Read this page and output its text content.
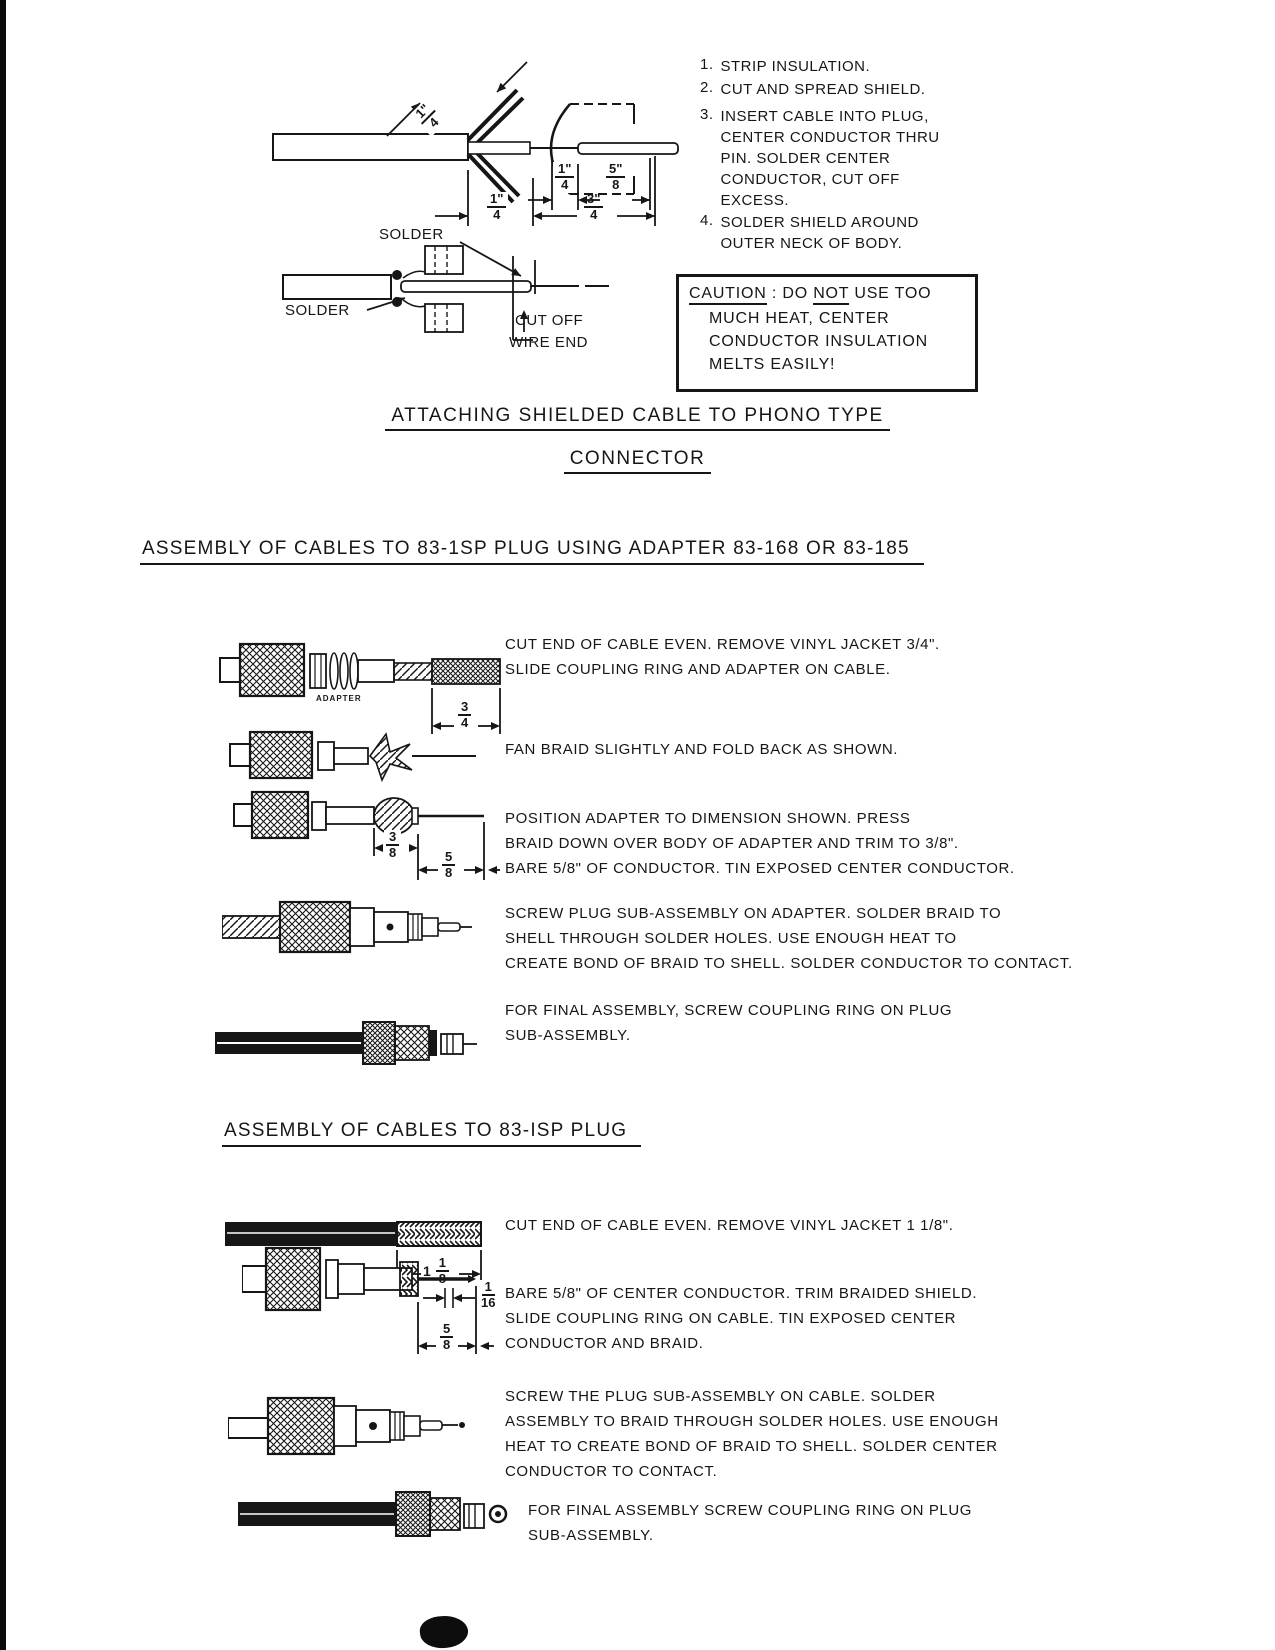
1"
4
$\frac{1"}{4}$	$\frac{3"}{4}$
$\frac{1"}{4} \frac{5"}{8}$
1. STRIP INSULATION.
2. CUT AND SPREAD SHIELD.
3. INSERT CABLE INTO PLUG,
CENTER CONDUCTOR THRU
PIN. SOLDER CENTER
CONDUCTOR, CUT OFF
EXCESS.
4. SOLDER SHIELD AROUND
OUTER NECK OF BODY.
SOLDER
SOLDER
CUT OFF
WIRE END
CAUTION : DO NOT USE TOO
MUCH HEAT, CENTER
CONDUCTOR INSULATION
MELTS EASILY!
ATTACHING SHIELDED CABLE TO PHONO TYPE
CONNECTOR
ASSEMBLY OF CABLES TO 83-1SP PLUG USING ADAPTER 83-168 OR 83-185
ADAPTER
$\frac{3}{4}$
CUT END OF CABLE EVEN. REMOVE VINYL JACKET 3/4".
SLIDE COUPLING RING AND ADAPTER ON CABLE.
FAN BRAID SLIGHTLY AND FOLD BACK AS SHOWN.
$\frac{3}{8}$
$\frac{5}{8}$
POSITION ADAPTER TO DIMENSION SHOWN. PRESS
BRAID DOWN OVER BODY OF ADAPTER AND TRIM TO 3/8".
BARE 5/8" OF CONDUCTOR. TIN EXPOSED CENTER CONDUCTOR.
SCREW PLUG SUB-ASSEMBLY ON ADAPTER. SOLDER BRAID TO
SHELL THROUGH SOLDER HOLES. USE ENOUGH HEAT TO
CREATE BOND OF BRAID TO SHELL. SOLDER CONDUCTOR TO CONTACT.
FOR FINAL ASSEMBLY, SCREW COUPLING RING ON PLUG
SUB-ASSEMBLY.
ASSEMBLY OF CABLES TO 83-ISP PLUG
$1 \frac{1}{8}$
$\frac{1}{16}$
CUT END OF CABLE EVEN. REMOVE VINYL JACKET 1 1/8".
$\frac{5}{8}$
BARE 5/8" OF CENTER CONDUCTOR. TRIM BRAIDED SHIELD.
SLIDE COUPLING RING ON CABLE. TIN EXPOSED CENTER
CONDUCTOR AND BRAID.
SCREW THE PLUG SUB-ASSEMBLY ON CABLE. SOLDER
ASSEMBLY TO BRAID THROUGH SOLDER HOLES. USE ENOUGH
HEAT TO CREATE BOND OF BRAID TO SHELL. SOLDER CENTER
CONDUCTOR TO CONTACT.
FOR FINAL ASSEMBLY SCREW COUPLING RING ON PLUG
SUB-ASSEMBLY.
